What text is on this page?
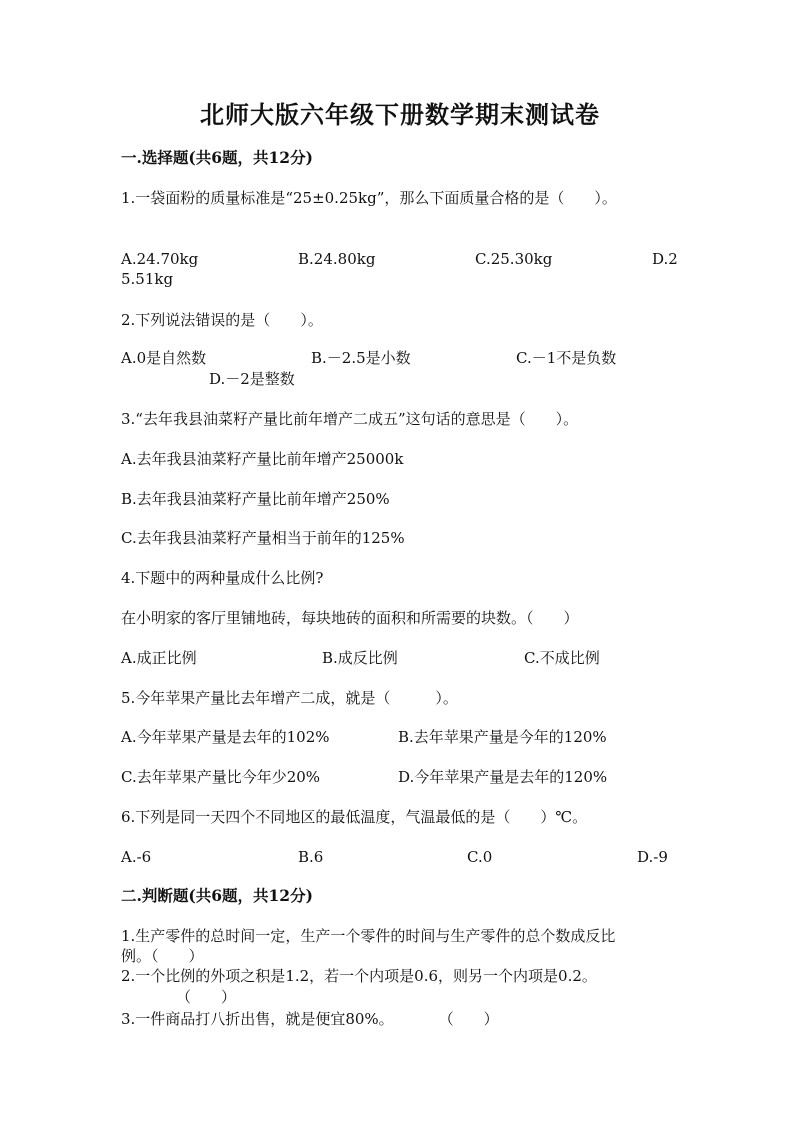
北师大版六年级下册数学期末测试卷
一.选择题(共6题，共12分)
1.一袋面粉的质量标准是“25±0.25kg”，那么下面质量合格的是（　　）。
A.24.70kg	B.24.80kg	C.25.30kg	D.2
5.51kg
2.下列说法错误的是（　　）。
A.0是自然数	B.－2.5是小数	C.－1不是负数
D.－2是整数
3.“去年我县油菜籽产量比前年增产二成五”这句话的意思是（　　）。
A.去年我县油菜籽产量比前年增产25000k
B.去年我县油菜籽产量比前年增产250%
C.去年我县油菜籽产量相当于前年的125%
4.下题中的两种量成什么比例?
在小明家的客厅里铺地砖，每块地砖的面积和所需要的块数。（　　）
A.成正比例	B.成反比例	C.不成比例
5.今年苹果产量比去年增产二成，就是（　　　）。
A.今年苹果产量是去年的102%	B.去年苹果产量是今年的120%
C.去年苹果产量比今年少20%	D.今年苹果产量是去年的120%
6.下列是同一天四个不同地区的最低温度，气温最低的是（　　）℃。
A.-6	B.6	C.0	D.-9
二.判断题(共6题，共12分)
1.生产零件的总时间一定，生产一个零件的时间与生产零件的总个数成反比
例。（　　）
2.一个比例的外项之积是1.2，若一个内项是0.6，则另一个内项是0.2。
（　　）
3.一件商品打八折出售，就是便宜80%。　　　　（　　）
